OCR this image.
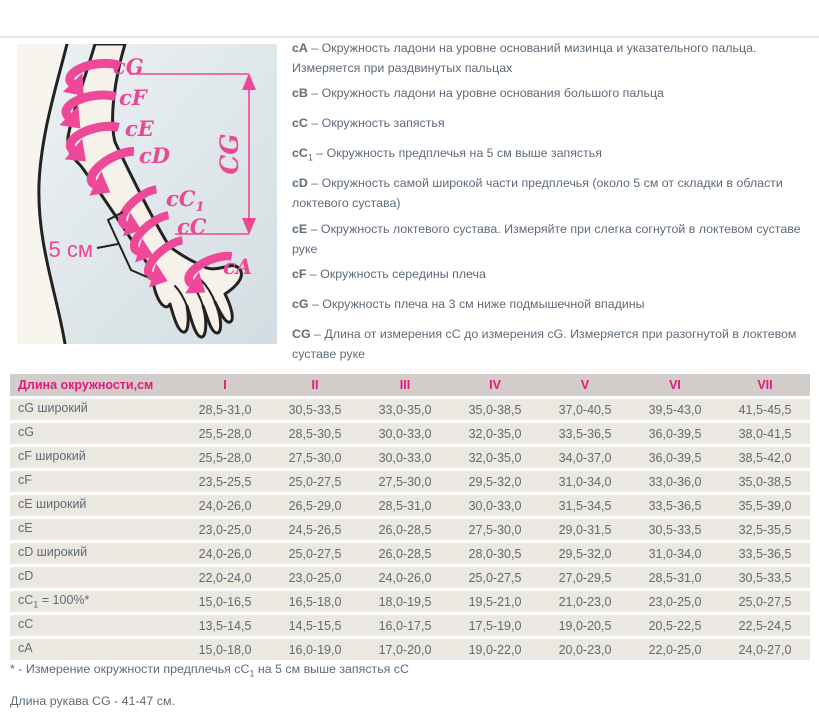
CG
5 см
cG
cF
cE
cD
$cC_1$
cC
cA

cA – Окружность ладони на уровне оснований мизинца и указательного пальца. Измеряется при раздвинутых пальцах

cB – Окружность ладони на уровне основания большого пальца

cC – Окружность запястья

$cC_1$ – Окружность предплечья на 5 см выше запястья

cD – Окружность самой широкой части предплечья (около 5 см от складки в области локтевого сустава)

cE – Окружность локтевого сустава. Измеряйте при слегка согнутой в локтевом суставе руке

cF – Окружность середины плеча

cG – Окружность плеча на 3 см ниже подмышечной впадины

CG – Длина от измерения cC до измерения cG. Измеряется при разогнутой в локтевом суставе руке

Длина окружности,см	I	II	III	IV	V	VI	VII
cG широкий	28,5-31,0	30,5-33,5	33,0-35,0	35,0-38,5	37,0-40,5	39,5-43,0	41,5-45,5
cG	25,5-28,0	28,5-30,5	30,0-33,0	32,0-35,0	33,5-36,5	36,0-39,5	38,0-41,5
cF широкий	25,5-28,0	27,5-30,0	30,0-33,0	32,0-35,0	34,0-37,0	36,0-39,5	38,5-42,0
cF	23,5-25,5	25,0-27,5	27,5-30,0	29,5-32,0	31,0-34,0	33,0-36,0	35,0-38,5
cE широкий	24,0-26,0	26,5-29,0	28,5-31,0	30,0-33,0	31,5-34,5	33,5-36,5	35,5-39,0
cE	23,0-25,0	24,5-26,5	26,0-28,5	27,5-30,0	29,0-31,5	30,5-33,5	32,5-35,5
cD широкий	24,0-26,0	25,0-27,5	26,0-28,5	28,0-30,5	29,5-32,0	31,0-34,0	33,5-36,5
cD	22,0-24,0	23,0-25,0	24,0-26,0	25,0-27,5	27,0-29,5	28,5-31,0	30,5-33,5
$cC_1 = 100\%*$	15,0-16,5	16,5-18,0	18,0-19,5	19,5-21,0	21,0-23,0	23,0-25,0	25,0-27,5
cC	13,5-14,5	14,5-15,5	16,0-17,5	17,5-19,0	19,0-20,5	20,5-22,5	22,5-24,5
cA	15,0-18,0	16,0-19,0	17,0-20,0	19,0-22,0	20,0-23,0	22,0-25,0	24,0-27,0
* - Измерение окружности предплечья $cC_1$ на 5 см выше запястья cC
Длина рукава CG - 41-47 см.
